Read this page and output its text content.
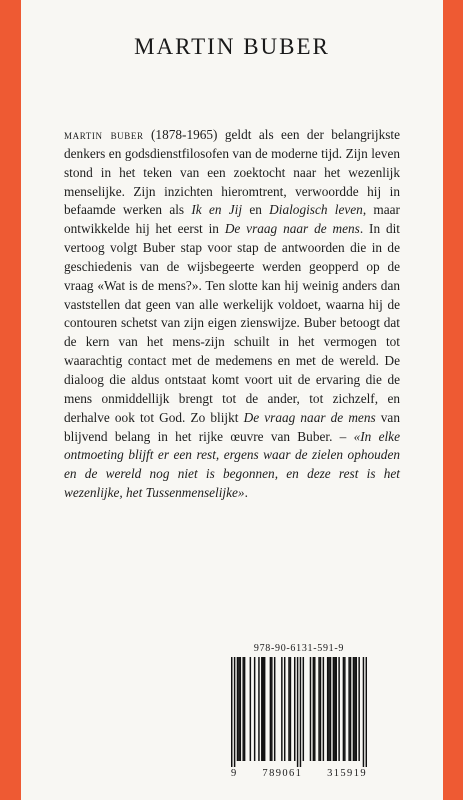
MARTIN BUBER
martin buber (1878-1965) geldt als een der belangrijkste denkers en godsdienstfilosofen van de moderne tijd. Zijn leven stond in het teken van een zoektocht naar het wezenlijk menselijke. Zijn inzichten hieromtrent, verwoordde hij in befaamde werken als Ik en Jij en Dialogisch leven, maar ontwikkelde hij het eerst in De vraag naar de mens. In dit vertoog volgt Buber stap voor stap de antwoorden die in de geschiedenis van de wijsbegeerte werden geopperd op de vraag «Wat is de mens?». Ten slotte kan hij weinig anders dan vaststellen dat geen van alle werkelijk voldoet, waarna hij de contouren schetst van zijn eigen zienswijze. Buber betoogt dat de kern van het mens-zijn schuilt in het vermogen tot waarachtig contact met de medemens en met de wereld. De dialoog die aldus ontstaat komt voort uit de ervaring die de mens onmiddellijk brengt tot de ander, tot zichzelf, en derhalve ook tot God. Zo blijkt De vraag naar de mens van blijvend belang in het rijke œuvre van Buber. – «In elke ontmoeting blijft er een rest, ergens waar de zielen ophouden en de wereld nog niet is begonnen, en deze rest is het wezenlijke, het Tussenmenselijke».
978-90-6131-591-9
9 789061 315919
